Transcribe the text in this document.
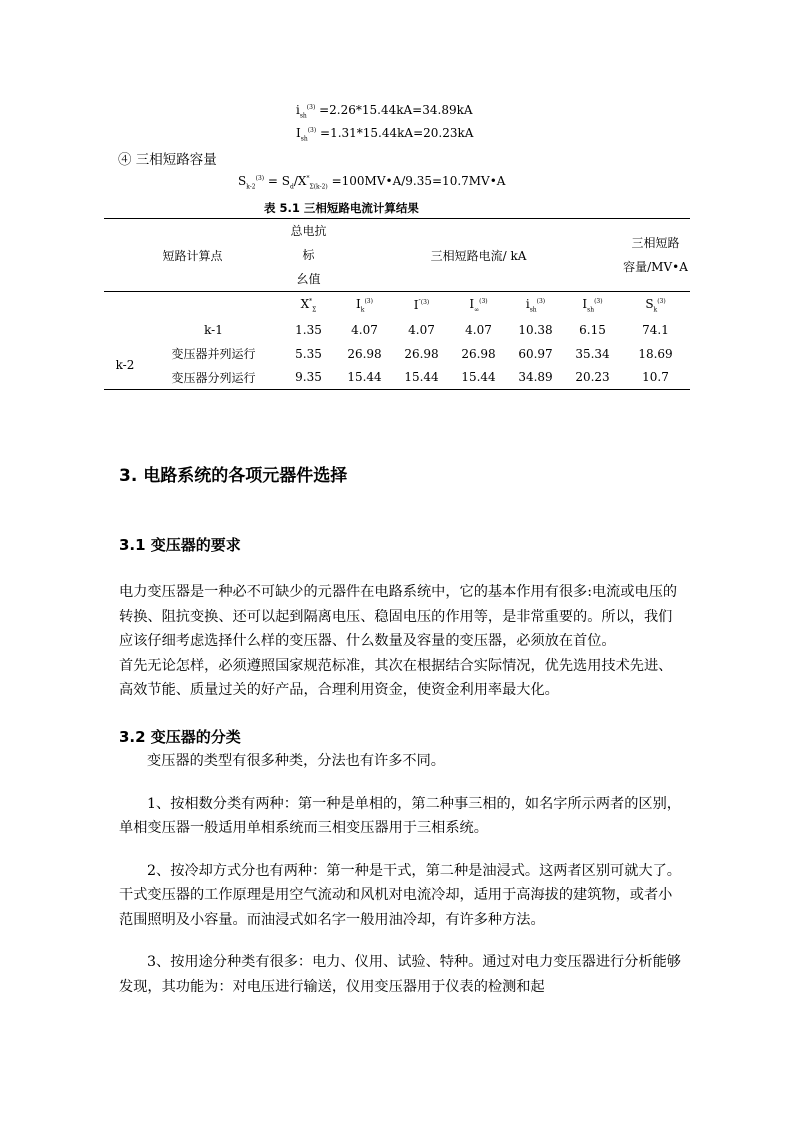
$i_{sh}^{(3)} =2.26*15.44kA=34.89kA$
$I_{sh}^{(3)} =1.31*15.44kA=20.23kA$
④ 三相短路容量
$S_{k-2}^{(3)} = S_d/X^*_{\Sigma(k-2)}$ =100MV•A/9.35=10.7MV•A
表 5.1 三相短路电流计算结果
短路计算点		总电抗
标
幺值	三相短路电流/ kA					三相短路
容量/MV•A
		$X^*_\Sigma$	$I_k^{(3)}$	$I^{''(3)}$	$I_\infty^{(3)}$	$i_{sh}^{(3)}$	$I_{sh}^{(3)}$	$S_k^{(3)}$
	k-1	1.35	4.07	4.07	4.07	10.38	6.15	74.1
k-2	变压器并列运行	5.35	26.98	26.98	26.98	60.97	35.34	18.69
	变压器分列运行	9.35	15.44	15.44	15.44	34.89	20.23	10.7
3. 电路系统的各项元器件选择
3.1 变压器的要求

电力变压器是一种必不可缺少的元器件在电路系统中，它的基本作用有很多:电流或电压的转换、阻抗变换、还可以起到隔离电压、稳固电压的作用等，是非常重要的。所以，我们应该仔细考虑选择什么样的变压器、什么数量及容量的变压器，必须放在首位。

首先无论怎样，必须遵照国家规范标准，其次在根据结合实际情况，优先选用技术先进、高效节能、质量过关的好产品，合理利用资金，使资金利用率最大化。

3.2 变压器的分类

变压器的类型有很多种类，分法也有许多不同。

1、按相数分类有两种：第一种是单相的，第二种事三相的，如名字所示两者的区别，单相变压器一般适用单相系统而三相变压器用于三相系统。

2、按冷却方式分也有两种：第一种是干式，第二种是油浸式。这两者区别可就大了。干式变压器的工作原理是用空气流动和风机对电流冷却，适用于高海拔的建筑物，或者小范围照明及小容量。而油浸式如名字一般用油冷却，有许多种方法。

3、按用途分种类有很多：电力、仪用、试验、特种。通过对电力变压器进行分析能够发现，其功能为：对电压进行输送，仪用变压器用于仪表的检测和起
